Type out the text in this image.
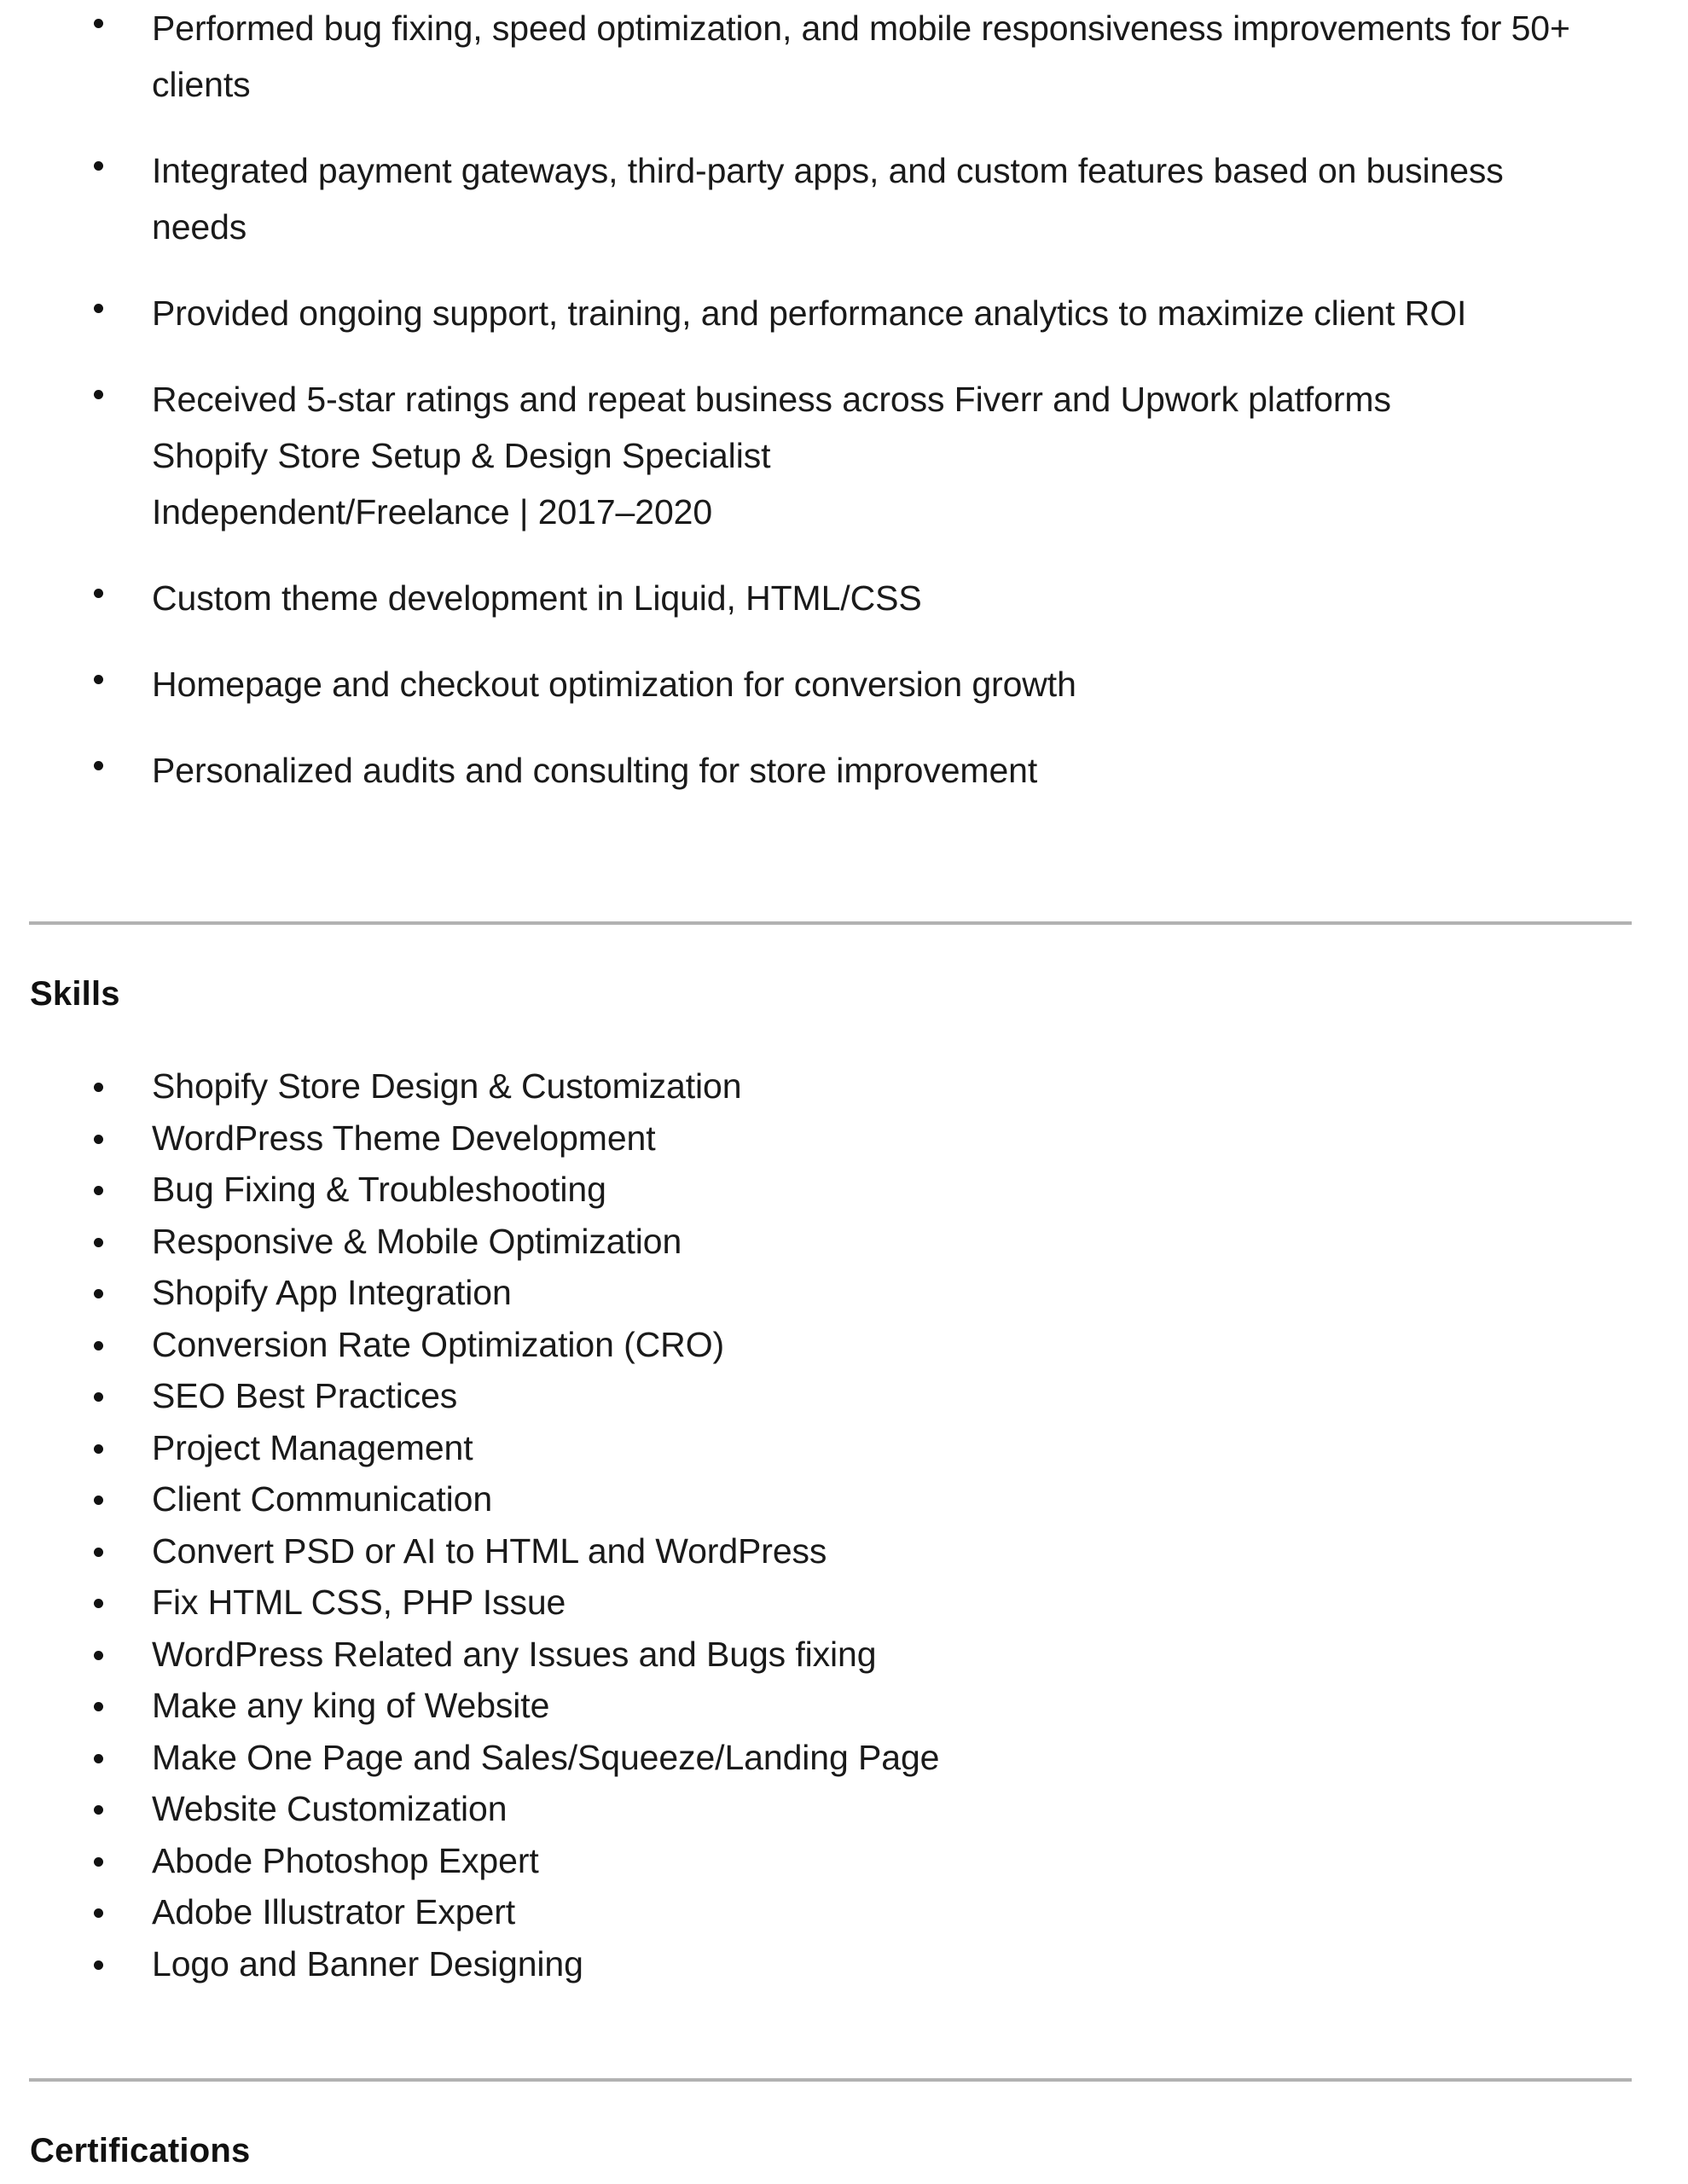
Performed bug fixing, speed optimization, and mobile responsiveness improvements for 50+ clients
Integrated payment gateways, third-party apps, and custom features based on business needs
Provided ongoing support, training, and performance analytics to maximize client ROI
Received 5-star ratings and repeat business across Fiverr and Upwork platforms
Shopify Store Setup & Design Specialist
Independent/Freelance | 2017–2020
Custom theme development in Liquid, HTML/CSS
Homepage and checkout optimization for conversion growth
Personalized audits and consulting for store improvement
Skills
Shopify Store Design & Customization
WordPress Theme Development
Bug Fixing & Troubleshooting
Responsive & Mobile Optimization
Shopify App Integration
Conversion Rate Optimization (CRO)
SEO Best Practices
Project Management
Client Communication
Convert PSD or AI to HTML and WordPress
Fix HTML CSS, PHP Issue
WordPress Related any Issues and Bugs fixing
Make any king of Website
Make One Page and Sales/Squeeze/Landing Page
Website Customization
Abode Photoshop Expert
Adobe Illustrator Expert
Logo and Banner Designing
Certifications
